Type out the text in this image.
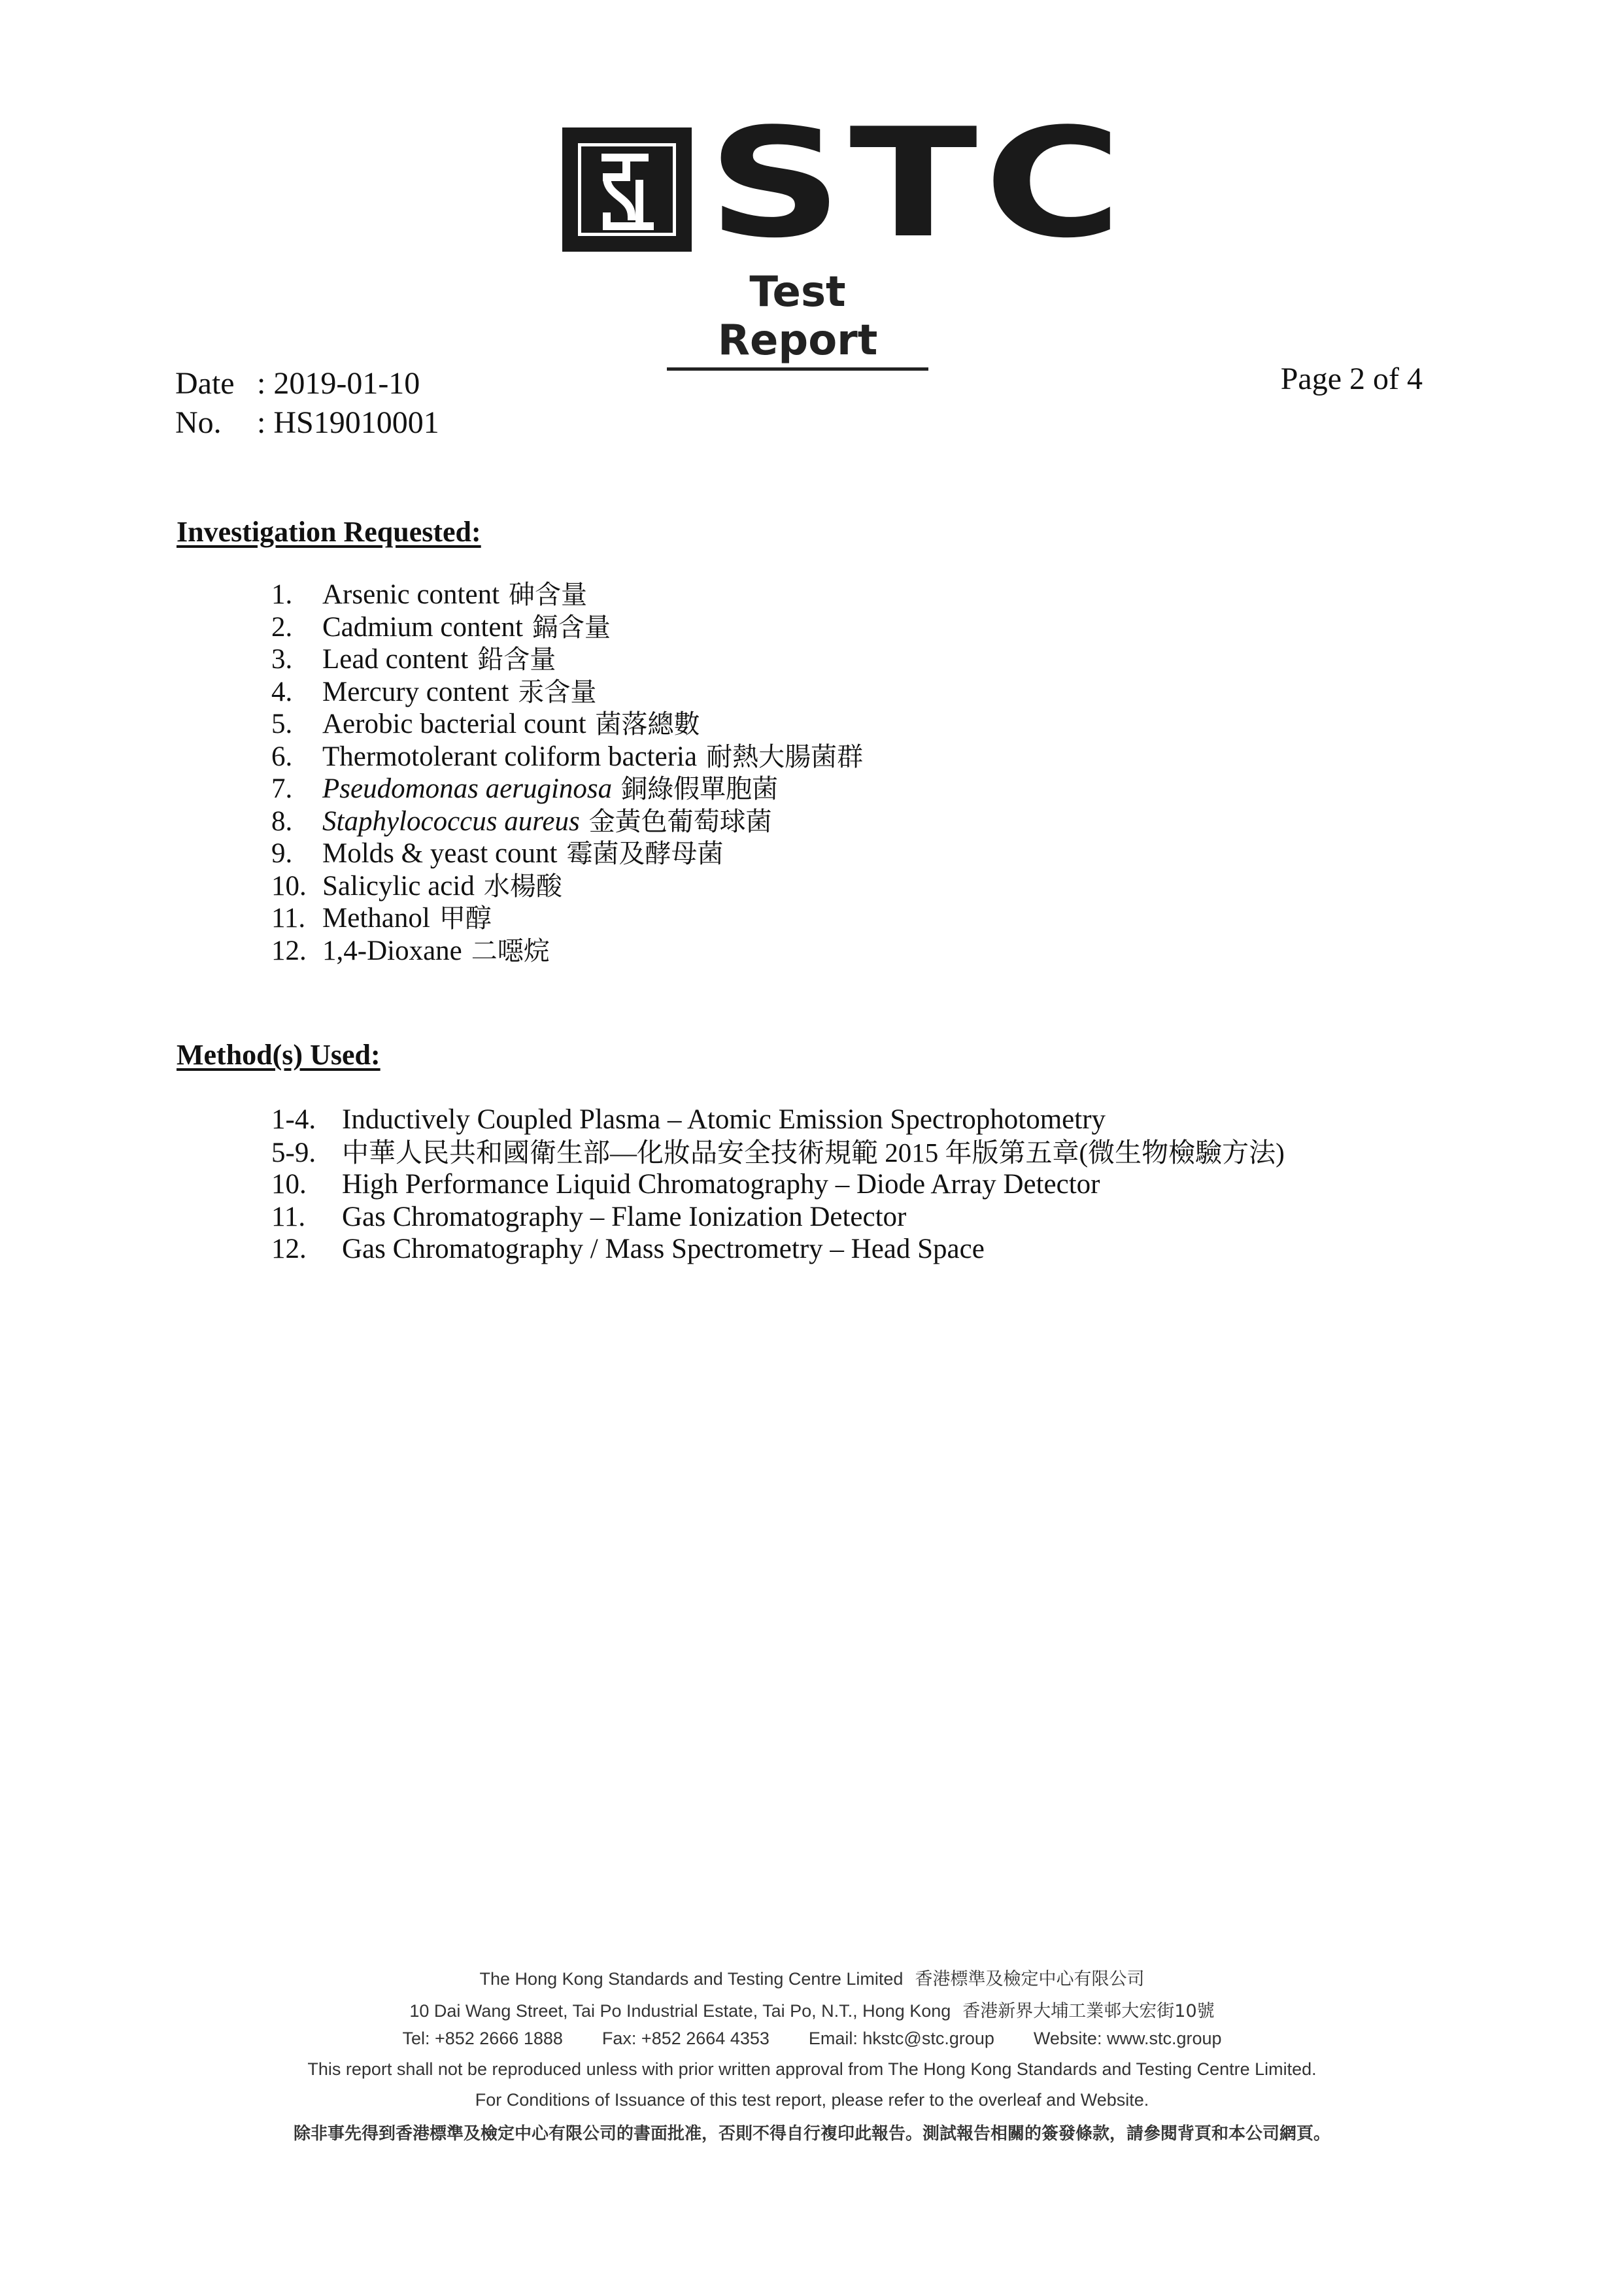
STC
Test Report
Date : 2019-01-10
No. : HS19010001
Page 2 of 4
Investigation Requested:
1. Arsenic content 砷含量
2. Cadmium content 鎘含量
3. Lead content 鉛含量
4. Mercury content 汞含量
5. Aerobic bacterial count 菌落總數
6. Thermotolerant coliform bacteria 耐熱大腸菌群
7. Pseudomonas aeruginosa 銅綠假單胞菌
8. Staphylococcus aureus 金黃色葡萄球菌
9. Molds & yeast count 霉菌及酵母菌
10. Salicylic acid 水楊酸
11. Methanol 甲醇
12. 1,4-Dioxane 二噁烷
Method(s) Used:
1-4. Inductively Coupled Plasma – Atomic Emission Spectrophotometry
5-9. 中華人民共和國衛生部—化妝品安全技術規範 2015 年版第五章(微生物檢驗方法)
10. High Performance Liquid Chromatography – Diode Array Detector
11. Gas Chromatography – Flame Ionization Detector
12. Gas Chromatography / Mass Spectrometry – Head Space
The Hong Kong Standards and Testing Centre Limited 香港標準及檢定中心有限公司
10 Dai Wang Street, Tai Po Industrial Estate, Tai Po, N.T., Hong Kong 香港新界大埔工業邨大宏街10號
Tel: +852 2666 1888 Fax: +852 2664 4353 Email: hkstc@stc.group Website: www.stc.group
This report shall not be reproduced unless with prior written approval from The Hong Kong Standards and Testing Centre Limited.
For Conditions of Issuance of this test report, please refer to the overleaf and Website.
除非事先得到香港標準及檢定中心有限公司的書面批准，否則不得自行複印此報告。測試報告相關的簽發條款，請參閱背頁和本公司網頁。
